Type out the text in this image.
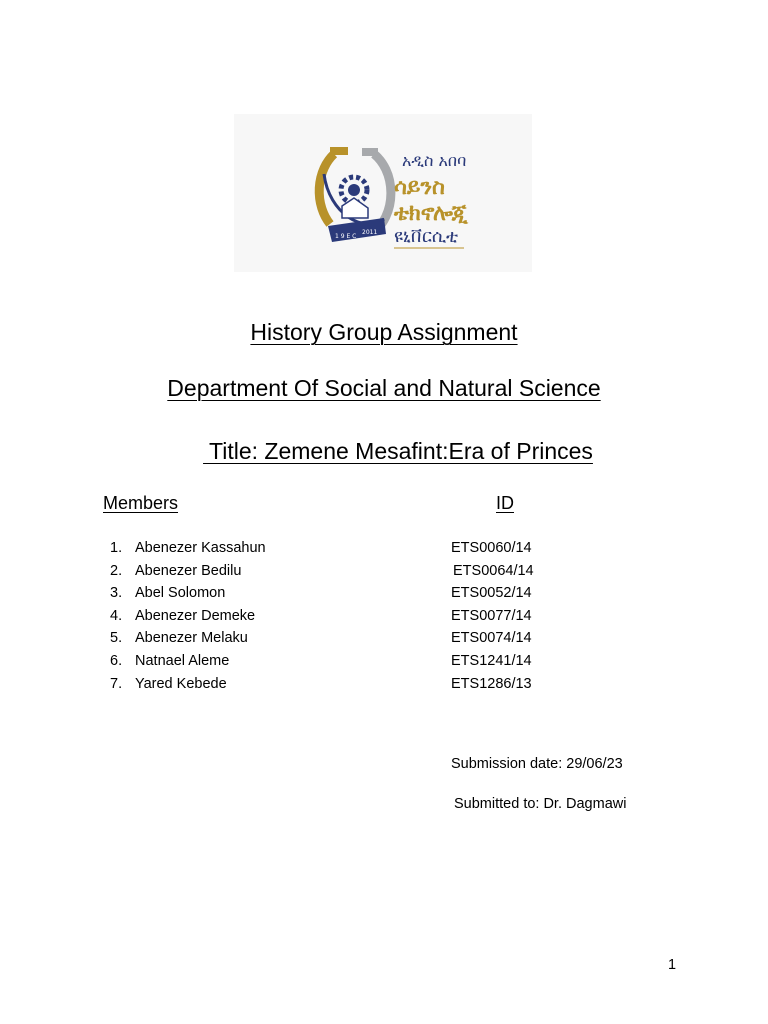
1 9 E C
2011
አዲስ አበባ
ሳይንስ
ቴክኖሎጂ
ዩኒቨርሲቲ
History Group Assignment
Department Of Social and Natural Science
Title: Zemene Mesafint:Era of Princes
Members	ID
1. Abenezer Kassahun	ETS0060/14
2. Abenezer Bedilu	ETS0064/14
3. Abel Solomon	ETS0052/14
4. Abenezer Demeke	ETS0077/14
5. Abenezer Melaku	ETS0074/14
6. Natnael Aleme	ETS1241/14
7. Yared Kebede	ETS1286/13
Submission date: 29/06/23
Submitted to: Dr. Dagmawi
1
